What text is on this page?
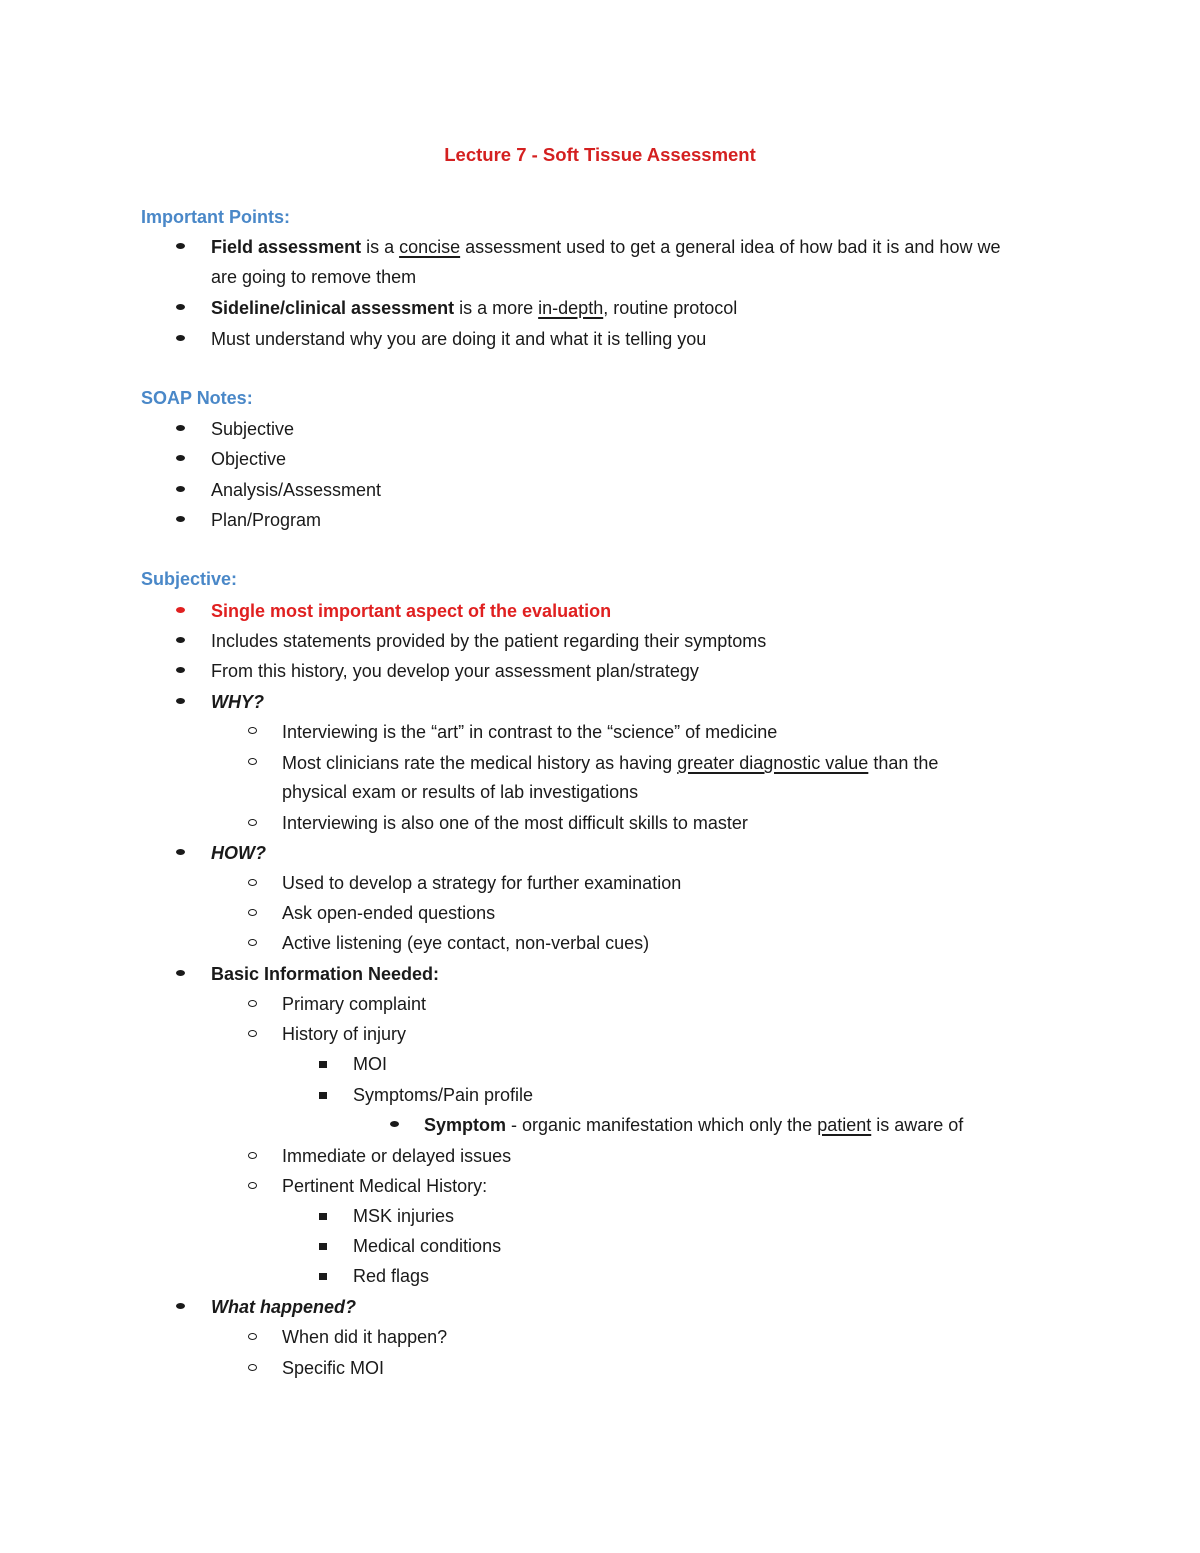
Lecture 7 - Soft Tissue Assessment
Important Points:
Field assessment is a concise assessment used to get a general idea of how bad it is and how we
are going to remove them
Sideline/clinical assessment is a more in-depth, routine protocol
Must understand why you are doing it and what it is telling you
SOAP Notes:
Subjective
Objective
Analysis/Assessment
Plan/Program
Subjective:
Single most important aspect of the evaluation
Includes statements provided by the patient regarding their symptoms
From this history, you develop your assessment plan/strategy
WHY?
Interviewing is the “art” in contrast to the “science” of medicine
Most clinicians rate the medical history as having greater diagnostic value than the
physical exam or results of lab investigations
Interviewing is also one of the most difficult skills to master
HOW?
Used to develop a strategy for further examination
Ask open-ended questions
Active listening (eye contact, non-verbal cues)
Basic Information Needed:
Primary complaint
History of injury
MOI
Symptoms/Pain profile
Symptom - organic manifestation which only the patient is aware of
Immediate or delayed issues
Pertinent Medical History:
MSK injuries
Medical conditions
Red flags
What happened?
When did it happen?
Specific MOI
